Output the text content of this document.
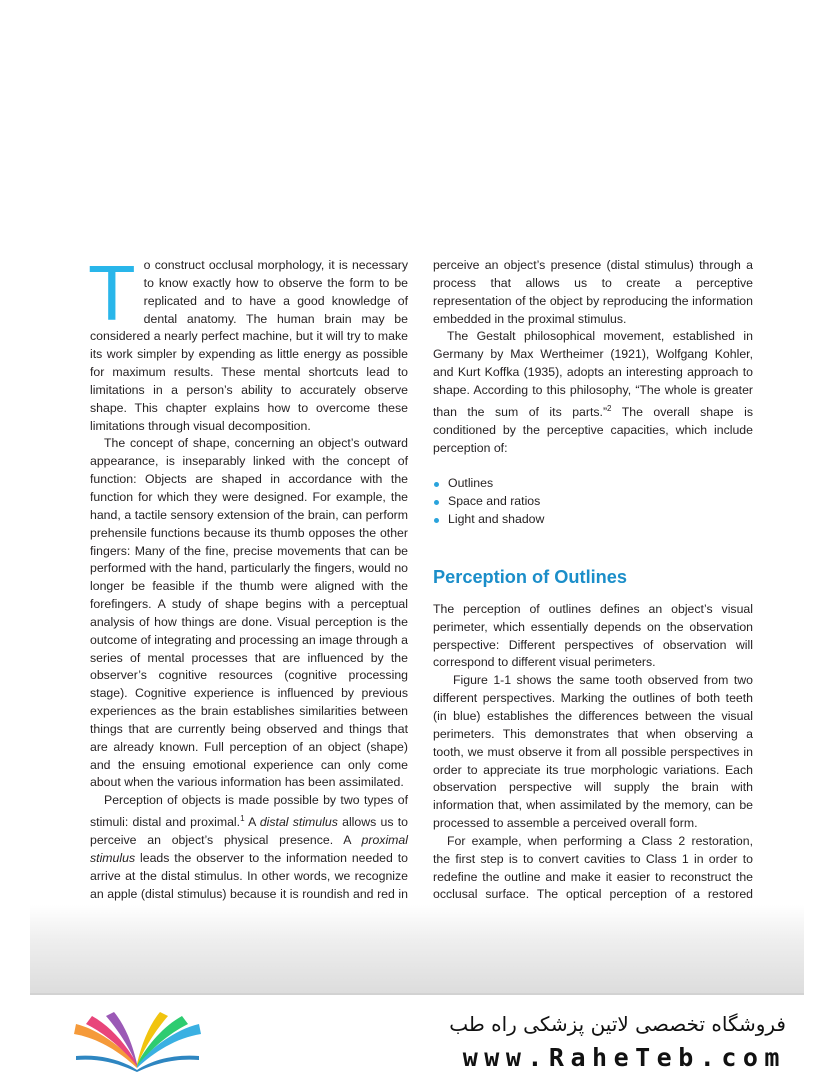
To construct occlusal morphology, it is necessary to know exactly how to observe the form to be replicated and to have a good knowledge of dental anatomy. The human brain may be considered a nearly perfect machine, but it will try to make its work simpler by expending as little energy as possible for maximum results. These mental shortcuts lead to limitations in a person’s ability to accurately observe shape. This chapter explains how to overcome these limitations through visual decomposition.

The concept of shape, concerning an object’s outward appearance, is inseparably linked with the concept of function: Objects are shaped in accordance with the function for which they were designed. For example, the hand, a tactile sensory extension of the brain, can perform prehensile functions because its thumb opposes the other fingers: Many of the fine, precise movements that can be performed with the hand, particularly the fingers, would no longer be feasible if the thumb were aligned with the forefingers. A study of shape begins with a perceptual analysis of how things are done. Visual perception is the outcome of integrating and processing an image through a series of mental processes that are influenced by the observer’s cognitive resources (cognitive processing stage). Cognitive experience is influenced by previous experiences as the brain establishes similarities between things that are currently being observed and things that are already known. Full perception of an object (shape) and the ensuing emotional experience can only come about when the various information has been assimilated.

Perception of objects is made possible by two types of stimuli: distal and proximal.$^1$ A distal stimulus allows us to perceive an object’s physical presence. A proximal stimulus leads the observer to the information needed to arrive at the distal stimulus. In other words, we recognize an apple (distal stimulus) because it is roundish and red in

perceive an object’s presence (distal stimulus) through a process that allows us to create a perceptive representation of the object by reproducing the information embedded in the proximal stimulus.

The Gestalt philosophical movement, established in Germany by Max Wertheimer (1921), Wolfgang Kohler, and Kurt Koffka (1935), adopts an interesting approach to shape. According to this philosophy, “The whole is greater than the sum of its parts.”$^2$ The overall shape is conditioned by the perceptive capacities, which include perception of:

Outlines
Space and ratios
Light and shadow
Perception of Outlines

The perception of outlines defines an object’s visual perimeter, which essentially depends on the observation perspective: Different perspectives of observation will correspond to different visual perimeters.

Figure 1-1 shows the same tooth observed from two different perspectives. Marking the outlines of both teeth (in blue) establishes the differences between the visual perimeters. This demonstrates that when observing a tooth, we must observe it from all possible perspectives in order to appreciate its true morphologic variations. Each observation perspective will supply the brain with information that, when assimilated by the memory, can be processed to assemble a perceived overall form.

For example, when performing a Class 2 restoration, the first step is to convert cavities to Class 1 in order to redefine the outline and make it easier to reconstruct the occlusal surface. The optical perception of a restored

فروشگاه تخصصی لاتین پزشکی راه طب
www.RaheTeb.com
